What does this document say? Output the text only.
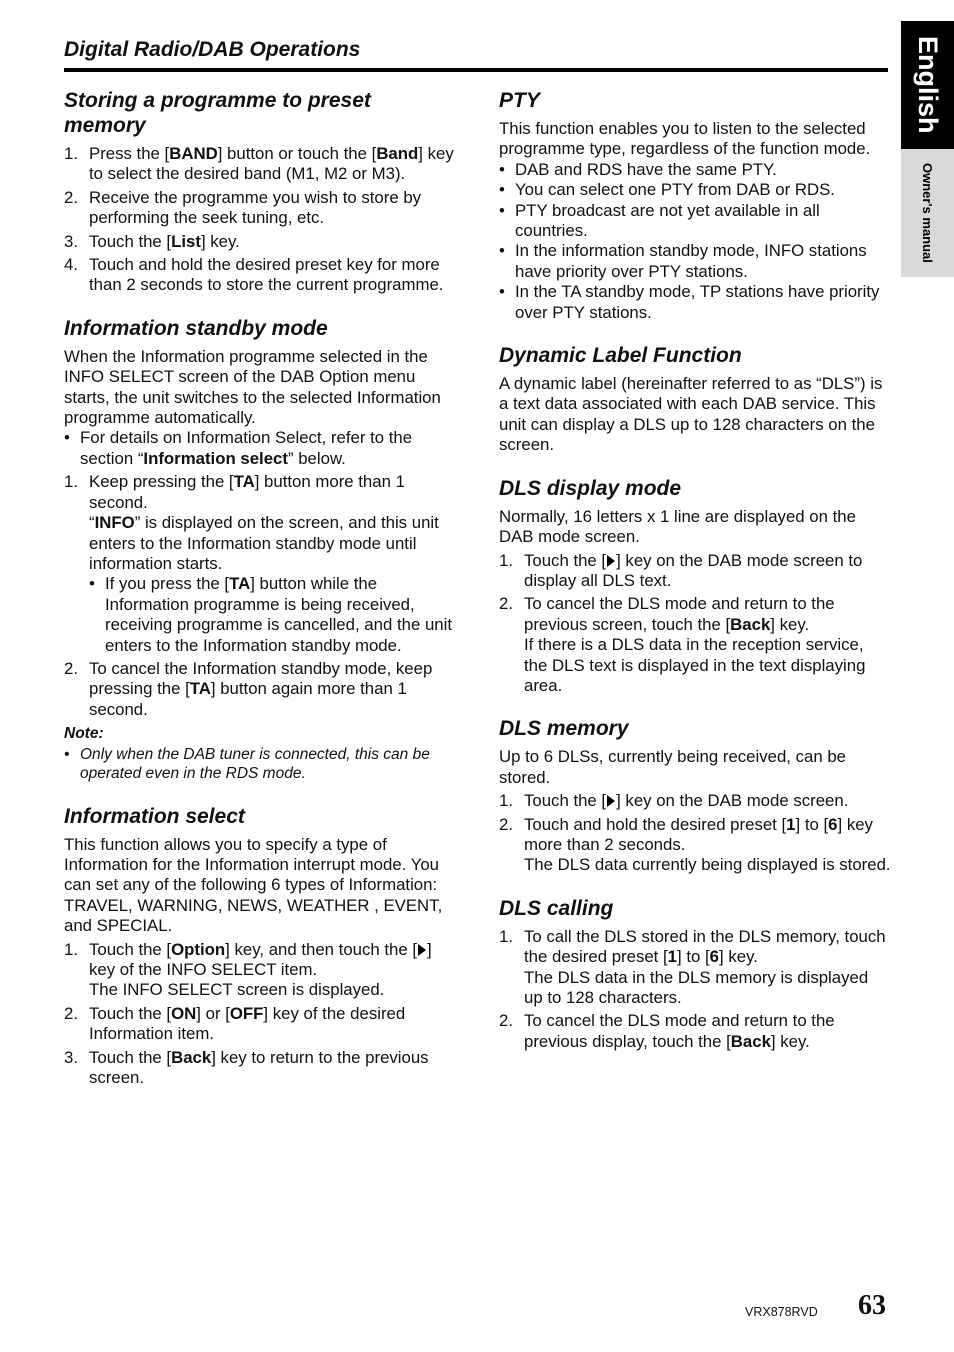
Digital Radio/DAB Operations	English
Owner's manual
Storing a programme to preset memory
1. Press the [BAND] button or touch the [Band] key to select the desired band (M1, M2 or M3).
2. Receive the programme you wish to store by performing the seek tuning, etc.
3. Touch the [List] key.
4. Touch and hold the desired preset key for more than 2 seconds to store the current programme.
Information standby mode

When the Information programme selected in the INFO SELECT screen of the DAB Option menu starts, the unit switches to the selected Information programme automatically.

• For details on Information Select, refer to the section “Information select” below.
1. Keep pressing the [TA] button more than 1 second.
“INFO” is displayed on the screen, and this unit enters to the Information standby mode until information starts.
• If you press the [TA] button while the Information programme is being received, receiving programme is cancelled, and the unit enters to the Information standby mode.
2. To cancel the Information standby mode, keep pressing the [TA] button again more than 1 second.
Note:
• Only when the DAB tuner is connected, this can be operated even in the RDS mode.
Information select

This function allows you to specify a type of Information for the Information interrupt mode. You can set any of the following 6 types of Information:

TRAVEL, WARNING, NEWS, WEATHER , EVENT, and SPECIAL.

1. Touch the [Option] key, and then touch the [ ] key of the INFO SELECT item.
The INFO SELECT screen is displayed.
2. Touch the [ON] or [OFF] key of the desired Information item.
3. Touch the [Back] key to return to the previous screen.
PTY

This function enables you to listen to the selected programme type, regardless of the function mode.

• DAB and RDS have the same PTY.
• You can select one PTY from DAB or RDS.
• PTY broadcast are not yet available in all countries.
• In the information standby mode, INFO stations have priority over PTY stations.
• In the TA standby mode, TP stations have priority over PTY stations.
Dynamic Label Function

A dynamic label (hereinafter referred to as “DLS”) is a text data associated with each DAB service. This unit can display a DLS up to 128 characters on the screen.

DLS display mode

Normally, 16 letters x 1 line are displayed on the DAB mode screen.

1. Touch the [ ] key on the DAB mode screen to display all DLS text.
2. To cancel the DLS mode and return to the previous screen, touch the [Back] key.
If there is a DLS data in the reception service, the DLS text is displayed in the text displaying area.
DLS memory

Up to 6 DLSs, currently being received, can be stored.

1. Touch the [ ] key on the DAB mode screen.
2. Touch and hold the desired preset [1] to [6] key more than 2 seconds.
The DLS data currently being displayed is stored.
DLS calling
1. To call the DLS stored in the DLS memory, touch the desired preset [1] to [6] key.
The DLS data in the DLS memory is displayed up to 128 characters.
2. To cancel the DLS mode and return to the previous display, touch the [Back] key.
VRX878RVD 63
